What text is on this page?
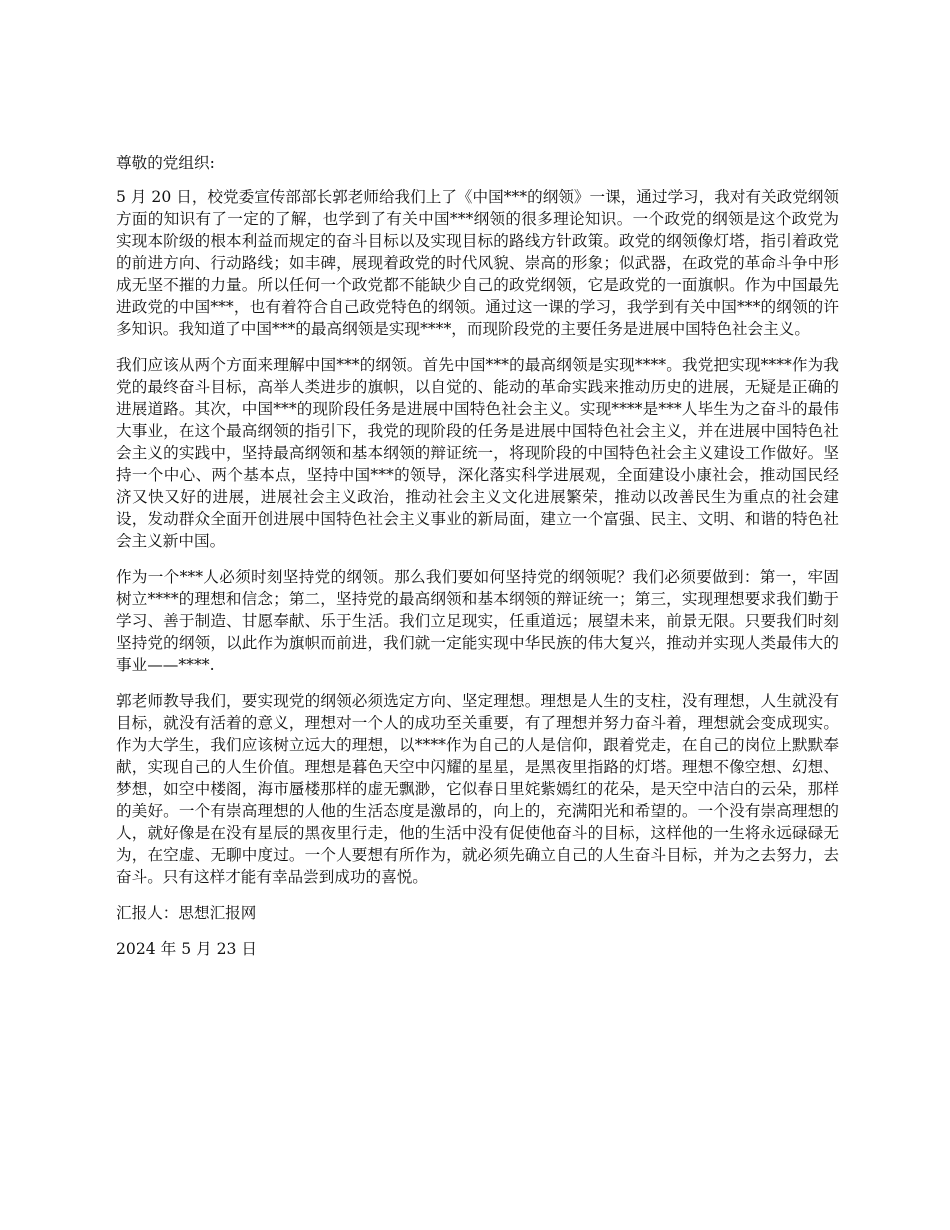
尊敬的党组织:

5 月 20 日，校党委宣传部部长郭老师给我们上了《中国***的纲领》一课，通过学习，我对有关政党纲领方面的知识有了一定的了解，也学到了有关中国***纲领的很多理论知识。一个政党的纲领是这个政党为实现本阶级的根本利益而规定的奋斗目标以及实现目标的路线方针政策。政党的纲领像灯塔，指引着政党的前进方向、行动路线；如丰碑，展现着政党的时代风貌、崇高的形象；似武器，在政党的革命斗争中形成无坚不摧的力量。所以任何一个政党都不能缺少自己的政党纲领，它是政党的一面旗帜。作为中国最先进政党的中国***，也有着符合自己政党特色的纲领。通过这一课的学习，我学到有关中国***的纲领的许多知识。我知道了中国***的最高纲领是实现****，而现阶段党的主要任务是进展中国特色社会主义。

我们应该从两个方面来理解中国***的纲领。首先中国***的最高纲领是实现****。我党把实现****作为我党的最终奋斗目标，高举人类进步的旗帜，以自觉的、能动的革命实践来推动历史的进展，无疑是正确的进展道路。其次，中国***的现阶段任务是进展中国特色社会主义。实现****是***人毕生为之奋斗的最伟大事业，在这个最高纲领的指引下，我党的现阶段的任务是进展中国特色社会主义，并在进展中国特色社会主义的实践中，坚持最高纲领和基本纲领的辩证统一，将现阶段的中国特色社会主义建设工作做好。坚持一个中心、两个基本点，坚持中国***的领导，深化落实科学进展观，全面建设小康社会，推动国民经济又快又好的进展，进展社会主义政治，推动社会主义文化进展繁荣，推动以改善民生为重点的社会建设，发动群众全面开创进展中国特色社会主义事业的新局面，建立一个富强、民主、文明、和谐的特色社会主义新中国。

作为一个***人必须时刻坚持党的纲领。那么我们要如何坚持党的纲领呢？我们必须要做到：第一，牢固树立****的理想和信念；第二，坚持党的最高纲领和基本纲领的辩证统一；第三，实现理想要求我们勤于学习、善于制造、甘愿奉献、乐于生活。我们立足现实，任重道远；展望未来，前景无限。只要我们时刻坚持党的纲领，以此作为旗帜而前进，我们就一定能实现中华民族的伟大复兴，推动并实现人类最伟大的事业——****.

郭老师教导我们，要实现党的纲领必须选定方向、坚定理想。理想是人生的支柱，没有理想，人生就没有目标，就没有活着的意义，理想对一个人的成功至关重要，有了理想并努力奋斗着，理想就会变成现实。作为大学生，我们应该树立远大的理想，以****作为自己的人是信仰，跟着党走，在自己的岗位上默默奉献，实现自己的人生价值。理想是暮色天空中闪耀的星星，是黑夜里指路的灯塔。理想不像空想、幻想、梦想，如空中楼阁，海市蜃楼那样的虚无飘渺，它似春日里姹紫嫣红的花朵，是天空中洁白的云朵，那样的美好。一个有崇高理想的人他的生活态度是激昂的，向上的，充满阳光和希望的。一个没有崇高理想的人，就好像是在没有星辰的黑夜里行走，他的生活中没有促使他奋斗的目标，这样他的一生将永远碌碌无为，在空虚、无聊中度过。一个人要想有所作为，就必须先确立自己的人生奋斗目标，并为之去努力，去奋斗。只有这样才能有幸品尝到成功的喜悦。

汇报人：思想汇报网

2024 年 5 月 23 日
